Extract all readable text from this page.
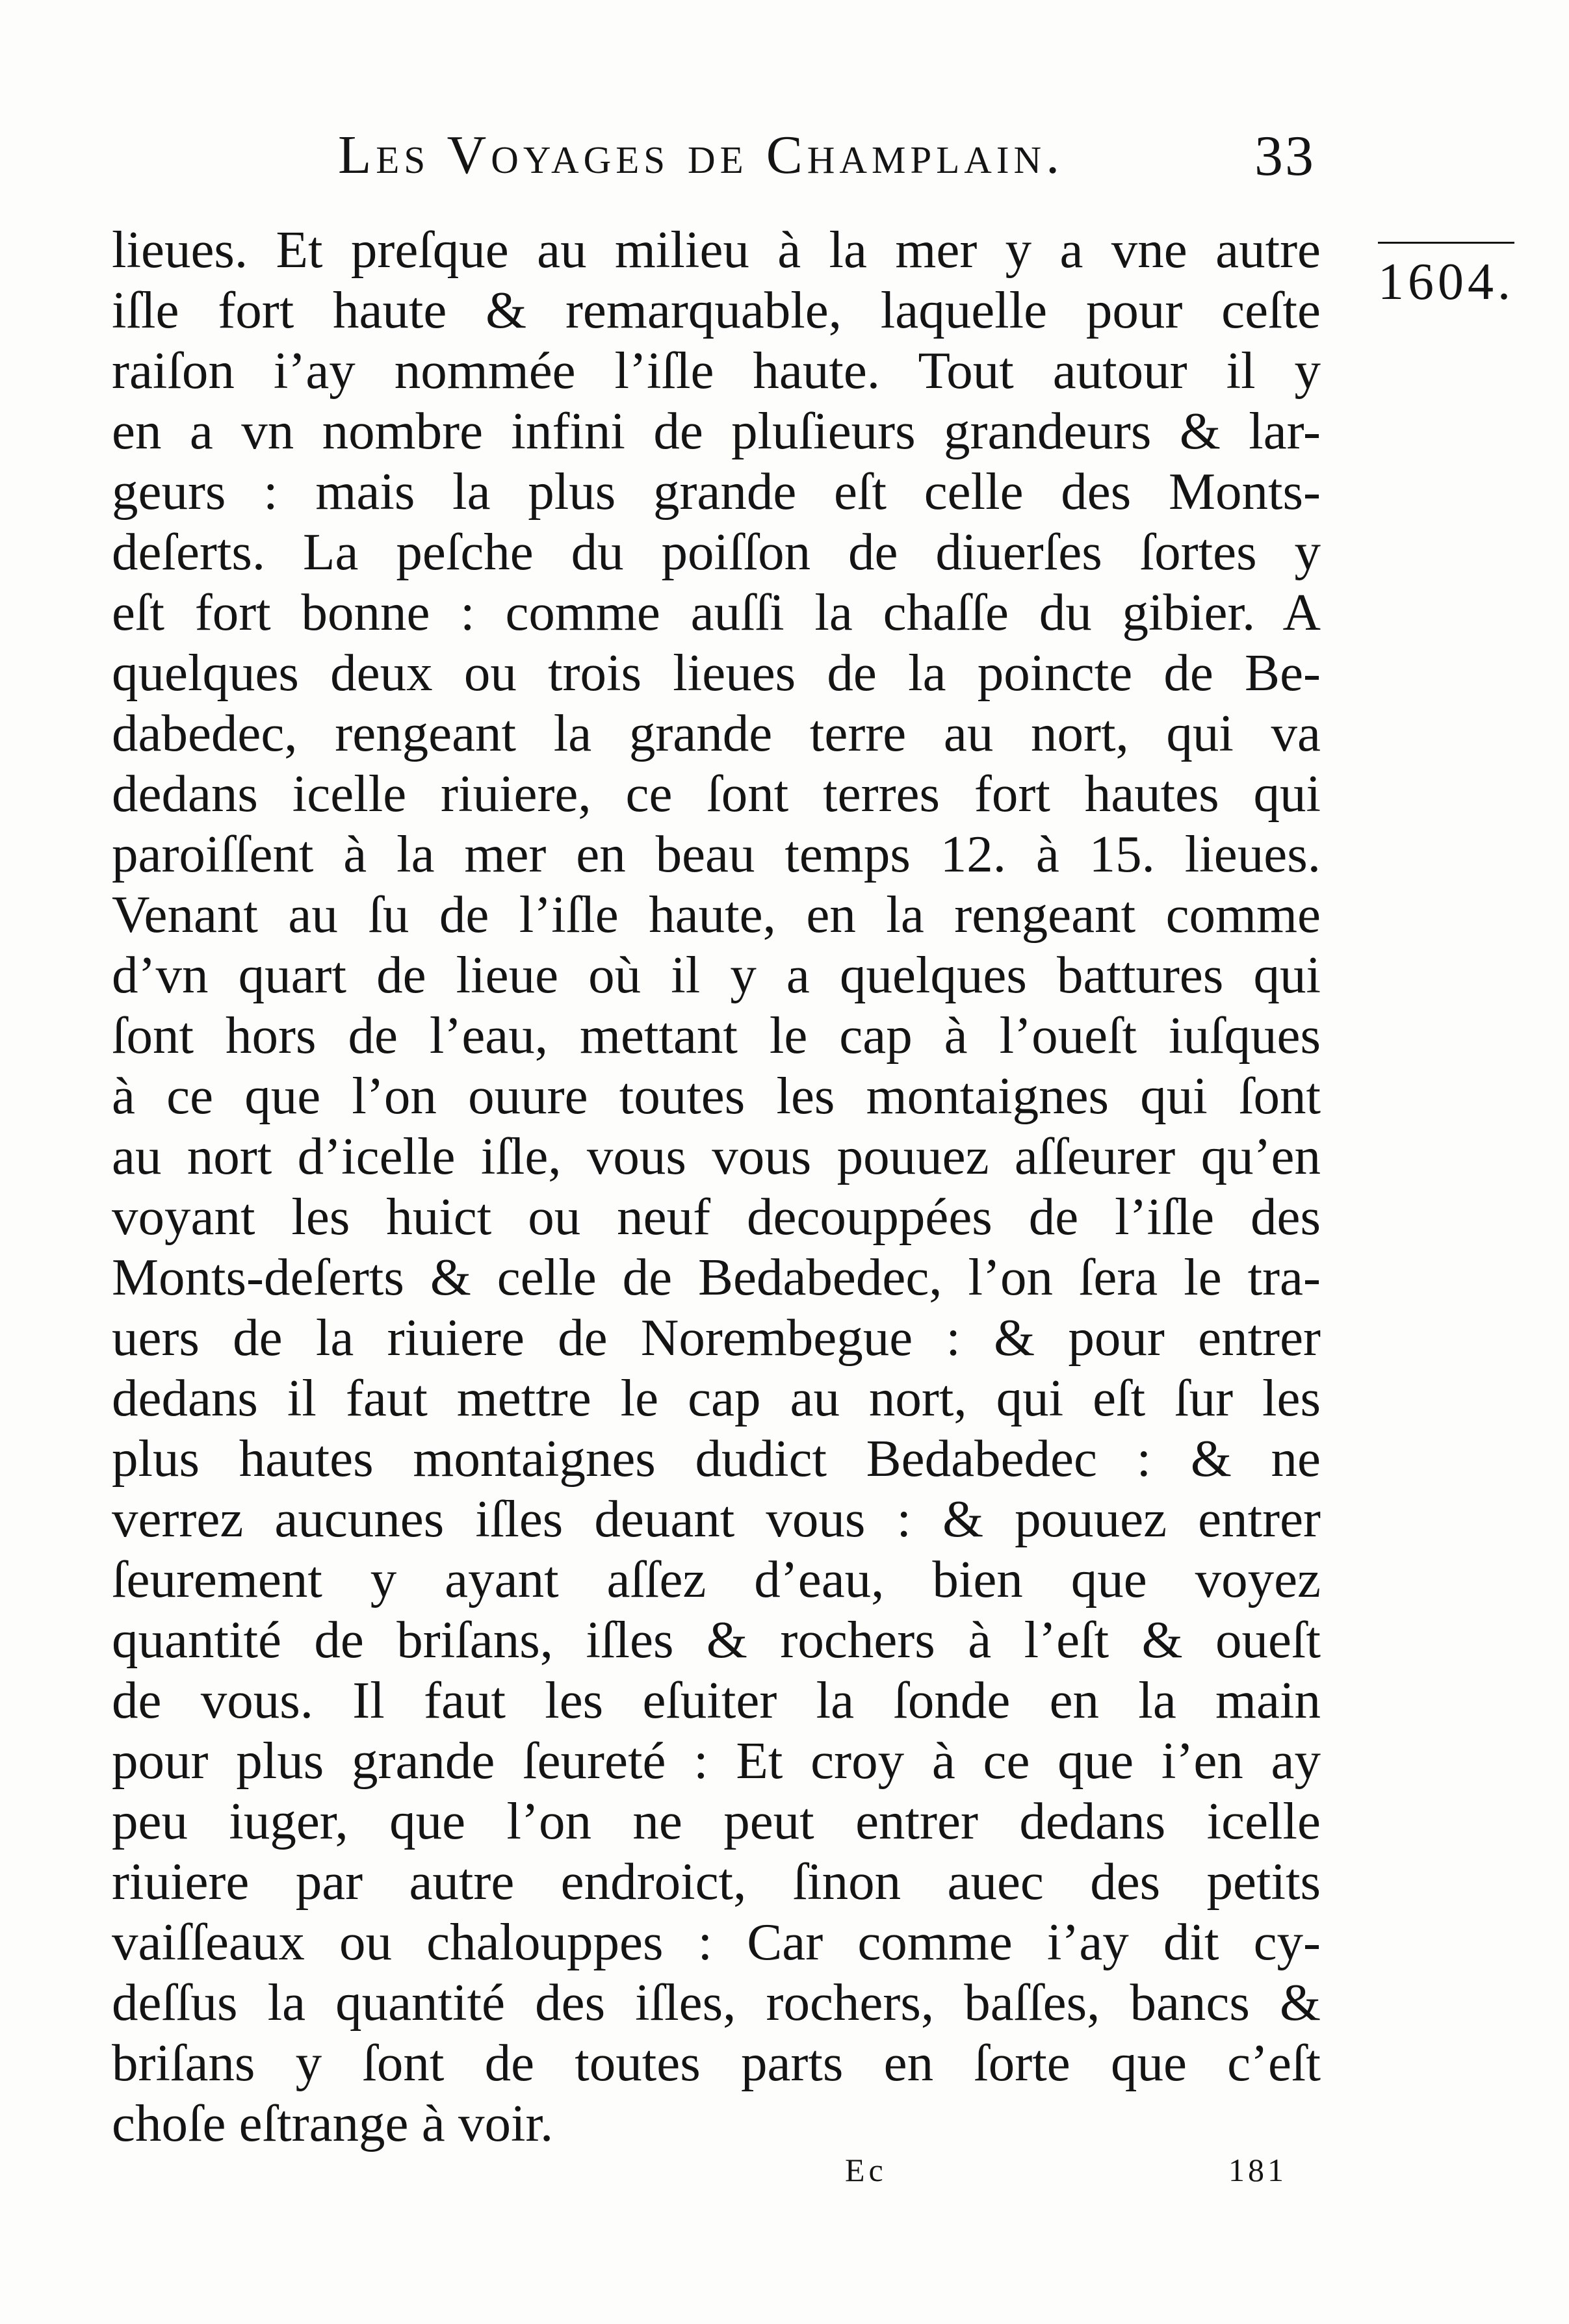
Les Voyages de Champlain.	33
1604.
lieues. Et preſque au milieu à la mer y a vne autre
iſle fort haute & remarquable, laquelle pour ceſte
raiſon i’ay nommée l’iſle haute. Tout autour il y
en a vn nombre infini de pluſieurs grandeurs & lar-
geurs : mais la plus grande eſt celle des Monts-
deſerts. La peſche du poiſſon de diuerſes ſortes y
eſt fort bonne : comme auſſi la chaſſe du gibier. A
quelques deux ou trois lieues de la poincte de Be-
dabedec, rengeant la grande terre au nort, qui va
dedans icelle riuiere, ce ſont terres fort hautes qui
paroiſſent à la mer en beau temps 12. à 15. lieues.
Venant au ſu de l’iſle haute, en la rengeant comme
d’vn quart de lieue où il y a quelques battures qui
ſont hors de l’eau, mettant le cap à l’oueſt iuſques
à ce que l’on ouure toutes les montaignes qui ſont
au nort d’icelle iſle, vous vous pouuez aſſeurer qu’en
voyant les huict ou neuf decouppées de l’iſle des
Monts-deſerts & celle de Bedabedec, l’on ſera le tra-
uers de la riuiere de Norembegue : & pour entrer
dedans il faut mettre le cap au nort, qui eſt ſur les
plus hautes montaignes dudict Bedabedec : & ne
verrez aucunes iſles deuant vous : & pouuez entrer
ſeurement y ayant aſſez d’eau, bien que voyez
quantité de briſans, iſles & rochers à l’eſt & oueſt
de vous. Il faut les eſuiter la ſonde en la main
pour plus grande ſeureté : Et croy à ce que i’en ay
peu iuger, que l’on ne peut entrer dedans icelle
riuiere par autre endroict, ſinon auec des petits
vaiſſeaux ou chalouppes : Car comme i’ay dit cy-
deſſus la quantité des iſles, rochers, baſſes, bancs &
briſans y ſont de toutes parts en ſorte que c’eſt
choſe eſtrange à voir.
Ec	181
